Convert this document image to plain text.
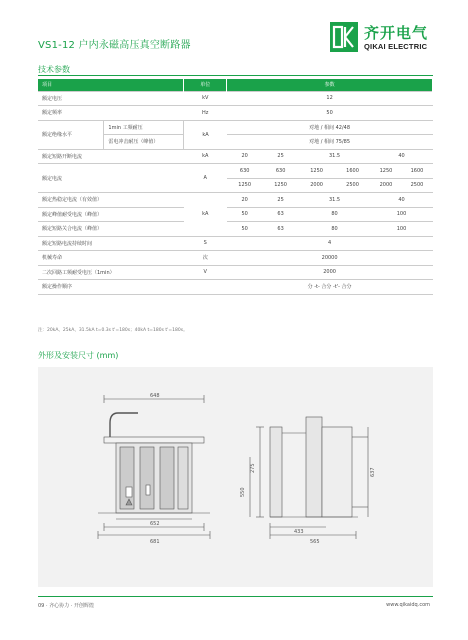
VS1-12 户内永磁高压真空断路器
齐开电气
QIKAI ELECTRIC
技术参数
项目		单位	参数					
额定电压		kV	12					
额定频率		Hz	50					
额定绝缘水平	1min 工频耐压	kA	对地 / 相间 42/48					
	雷电冲击耐压（峰值）		对地 / 相间 75/85					
额定短路开断电流		kA	20	25	31.5		40	
额定电流		A	630	630	1250	1600	1250	1600
			1250	1250	2000	2500	2000	2500
额定热稳定电流（有效值）		kA	20	25	31.5		40	
额定峰值耐受电流（峰值）			50	63	80		100	
额定短路关合电流（峰值）			50	63	80		100	
额定短路电流持续时间		S	4					
机械寿命		次	20000					
二次回路工频耐受电压（1min）		V	2000					
额定操作顺序			分 -t- 合分 -t'- 合分					
注：20kA、25kA、31.5kA t=0.3s t'=180s；40kA t=180s t'=180s。
外形及安装尺寸 (mm)
648
652
681
275
550
433
565
637
09 · 齐心协力 · 开创辉煌	www.qikaidq.com
